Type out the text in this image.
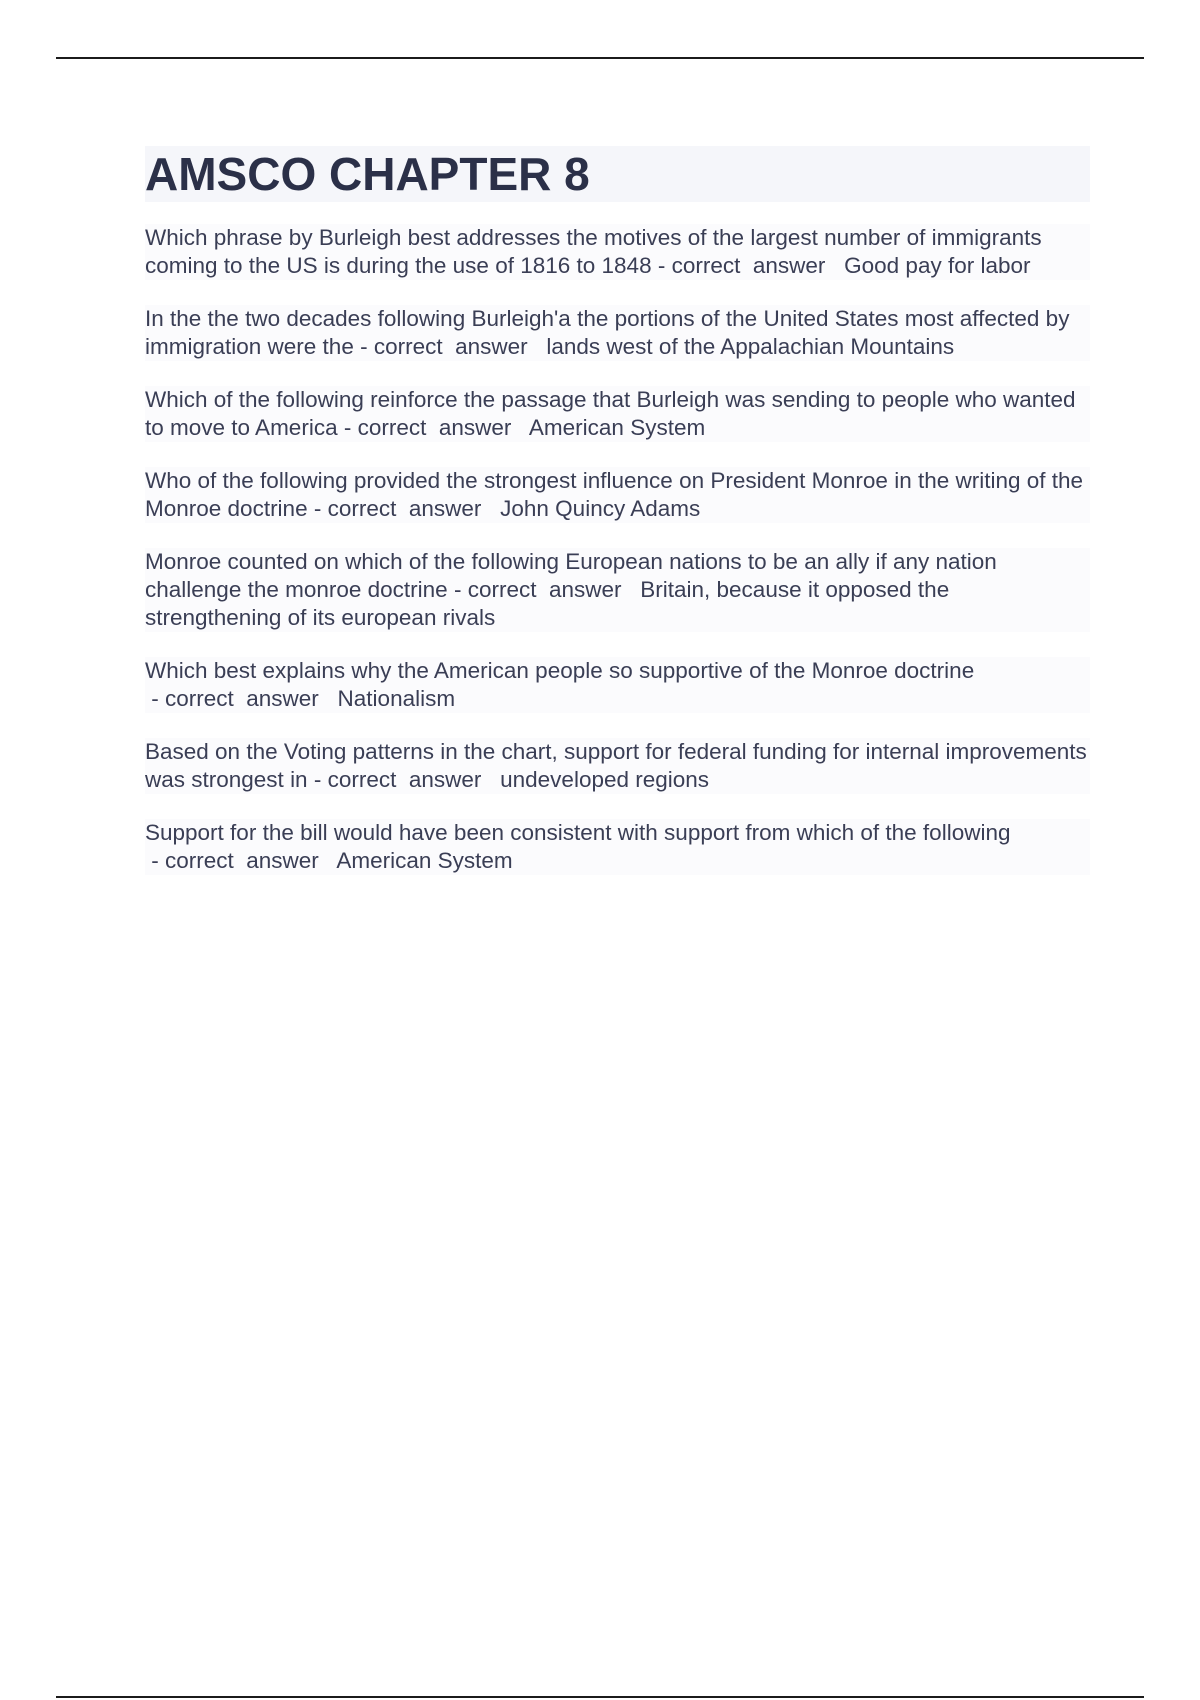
AMSCO CHAPTER 8

Which phrase by Burleigh best addresses the motives of the largest number of immigrants coming to the US is during the use of 1816 to 1848 - correct  answer   Good pay for labor

In the the two decades following Burleigh'a the portions of the United States most affected by immigration were the - correct  answer   lands west of the Appalachian Mountains

Which of the following reinforce the passage that Burleigh was sending to people who wanted to move to America - correct  answer   American System

Who of the following provided the strongest influence on President Monroe in the writing of the Monroe doctrine - correct  answer   John Quincy Adams

Monroe counted on which of the following European nations to be an ally if any nation challenge the monroe doctrine - correct  answer   Britain, because it opposed the strengthening of its european rivals

Which best explains why the American people so supportive of the Monroe doctrine - correct  answer   Nationalism

Based on the Voting patterns in the chart, support for federal funding for internal improvements was strongest in - correct  answer   undeveloped regions

Support for the bill would have been consistent with support from which of the following - correct  answer   American System
